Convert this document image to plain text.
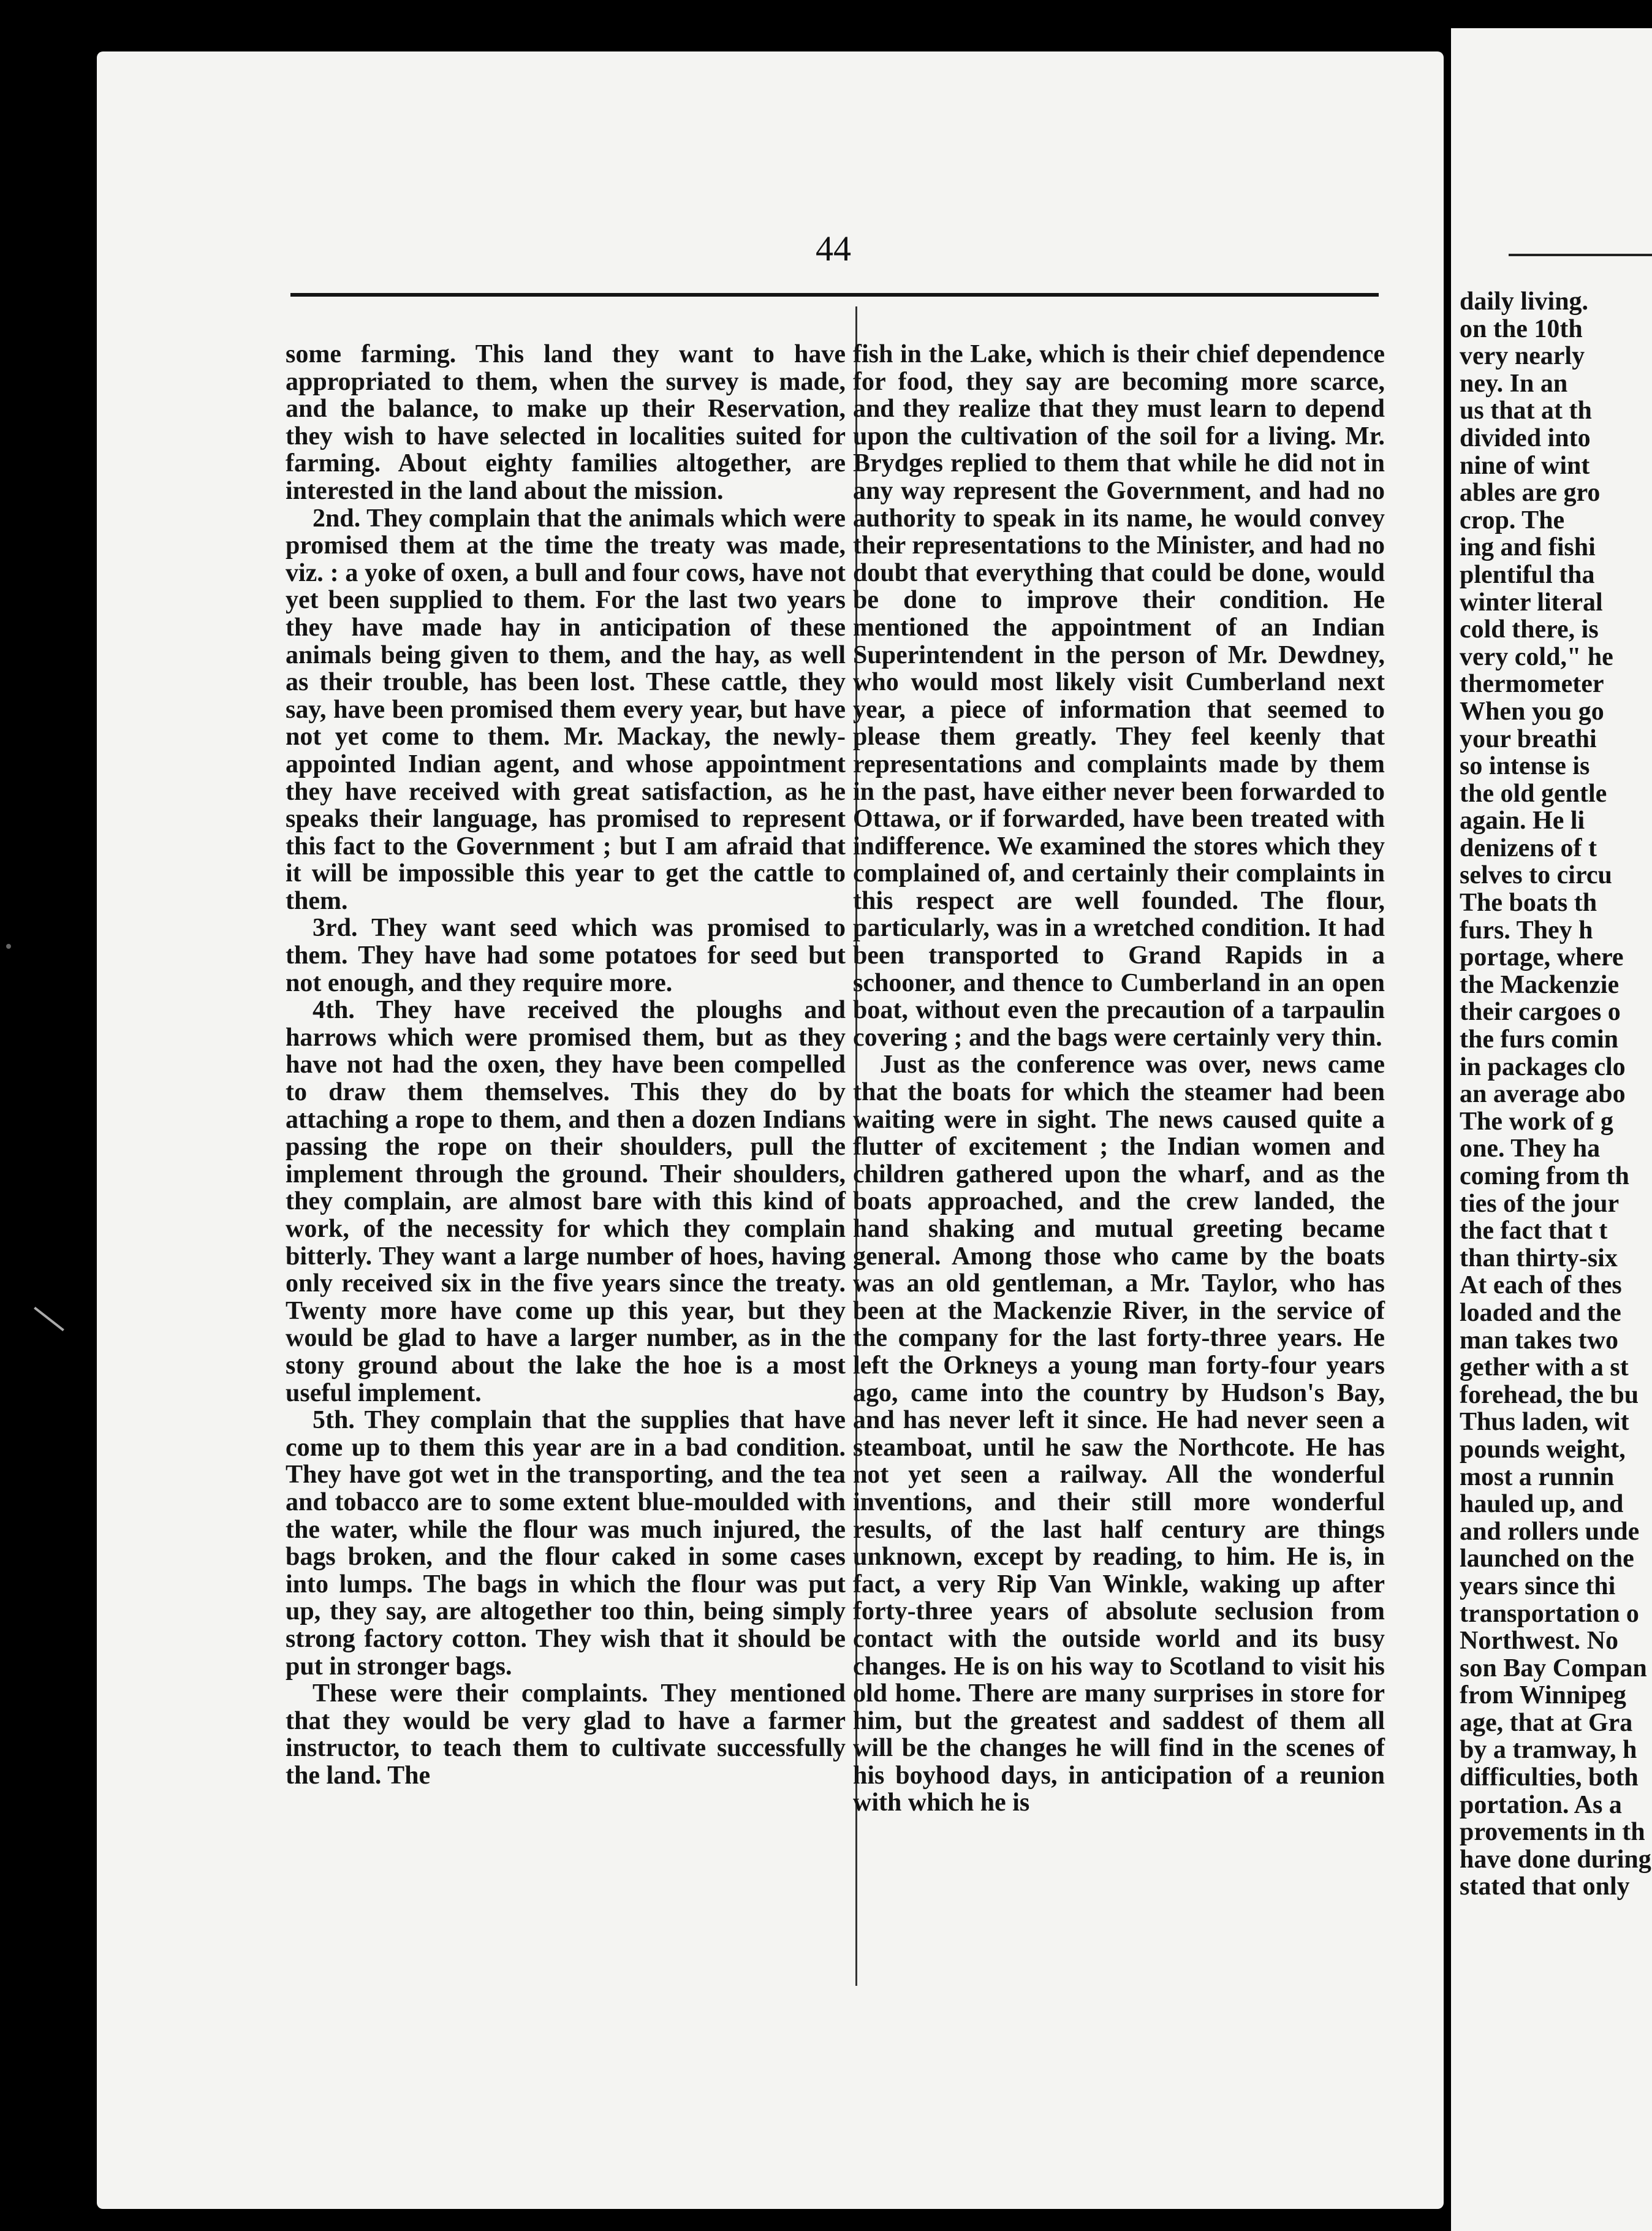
44

some farming. This land they want to have appropriated to them, when the survey is made, and the balance, to make up their Reservation, they wish to have selected in localities suited for farming. About eighty families altogether, are interested in the land about the mission.

2nd. They complain that the animals which were promised them at the time the treaty was made, viz. : a yoke of oxen, a bull and four cows, have not yet been supplied to them. For the last two years they have made hay in anticipation of these animals being given to them, and the hay, as well as their trouble, has been lost. These cattle, they say, have been promised them every year, but have not yet come to them. Mr. Mackay, the newly-appointed Indian agent, and whose appointment they have received with great satisfaction, as he speaks their language, has promised to represent this fact to the Government ; but I am afraid that it will be impossible this year to get the cattle to them.

3rd. They want seed which was promised to them. They have had some potatoes for seed but not enough, and they require more.

4th. They have received the ploughs and harrows which were promised them, but as they have not had the oxen, they have been compelled to draw them themselves. This they do by attaching a rope to them, and then a dozen Indians passing the rope on their shoulders, pull the implement through the ground. Their shoulders, they complain, are almost bare with this kind of work, of the necessity for which they complain bitterly. They want a large number of hoes, having only received six in the five years since the treaty. Twenty more have come up this year, but they would be glad to have a larger number, as in the stony ground about the lake the hoe is a most useful implement.

5th. They complain that the supplies that have come up to them this year are in a bad condition. They have got wet in the transporting, and the tea and tobacco are to some extent blue-moulded with the water, while the flour was much injured, the bags broken, and the flour caked in some cases into lumps. The bags in which the flour was put up, they say, are altogether too thin, being simply strong factory cotton. They wish that it should be put in stronger bags.

These were their complaints. They mentioned that they would be very glad to have a farmer instructor, to teach them to cultivate successfully the land. The

fish in the Lake, which is their chief dependence for food, they say are becoming more scarce, and they realize that they must learn to depend upon the cultivation of the soil for a living. Mr. Brydges replied to them that while he did not in any way represent the Government, and had no authority to speak in its name, he would convey their representations to the Minister, and had no doubt that everything that could be done, would be done to improve their condition. He mentioned the appointment of an Indian Superintendent in the person of Mr. Dewdney, who would most likely visit Cumberland next year, a piece of information that seemed to please them greatly. They feel keenly that representations and complaints made by them in the past, have either never been forwarded to Ottawa, or if forwarded, have been treated with indifference. We examined the stores which they complained of, and certainly their complaints in this respect are well founded. The flour, particularly, was in a wretched condition. It had been transported to Grand Rapids in a schooner, and thence to Cumberland in an open boat, without even the precaution of a tarpaulin covering ; and the bags were certainly very thin.

Just as the conference was over, news came that the boats for which the steamer had been waiting were in sight. The news caused quite a flutter of excitement ; the Indian women and children gathered upon the wharf, and as the boats approached, and the crew landed, the hand shaking and mutual greeting became general. Among those who came by the boats was an old gentleman, a Mr. Taylor, who has been at the Mackenzie River, in the service of the company for the last forty-three years. He left the Orkneys a young man forty-four years ago, came into the country by Hudson's Bay, and has never left it since. He had never seen a steamboat, until he saw the Northcote. He has not yet seen a railway. All the wonderful inventions, and their still more wonderful results, of the last half century are things unknown, except by reading, to him. He is, in fact, a very Rip Van Winkle, waking up after forty-three years of absolute seclusion from contact with the outside world and its busy changes. He is on his way to Scotland to visit his old home. There are many surprises in store for him, but the greatest and saddest of them all will be the changes he will find in the scenes of his boyhood days, in anticipation of a reunion with which he is

daily living.
on the 10th
very nearly
ney. In an
us that at th
divided into
nine of wint
ables are gro
crop. The
ing and fishi
plentiful tha
winter literal
cold there, is
very cold," he
thermometer
When you go
your breathi
so intense is
the old gentle
again. He li
denizens of t
selves to circu
The boats th
furs. They h
portage, where
the Mackenzie
their cargoes o
the furs comin
in packages clo
an average abo
The work of g
one. They ha
coming from th
ties of the jour
the fact that t
than thirty-six
At each of thes
loaded and the
man takes two
gether with a st
forehead, the bu
Thus laden, wit
pounds weight,
most a runnin
hauled up, and
and rollers unde
launched on the
years since thi
transportation o
Northwest. No
son Bay Compan
from Winnipeg
age, that at Gra
by a tramway, h
difficulties, both
portation. As a
provements in th
have done during
stated that only
